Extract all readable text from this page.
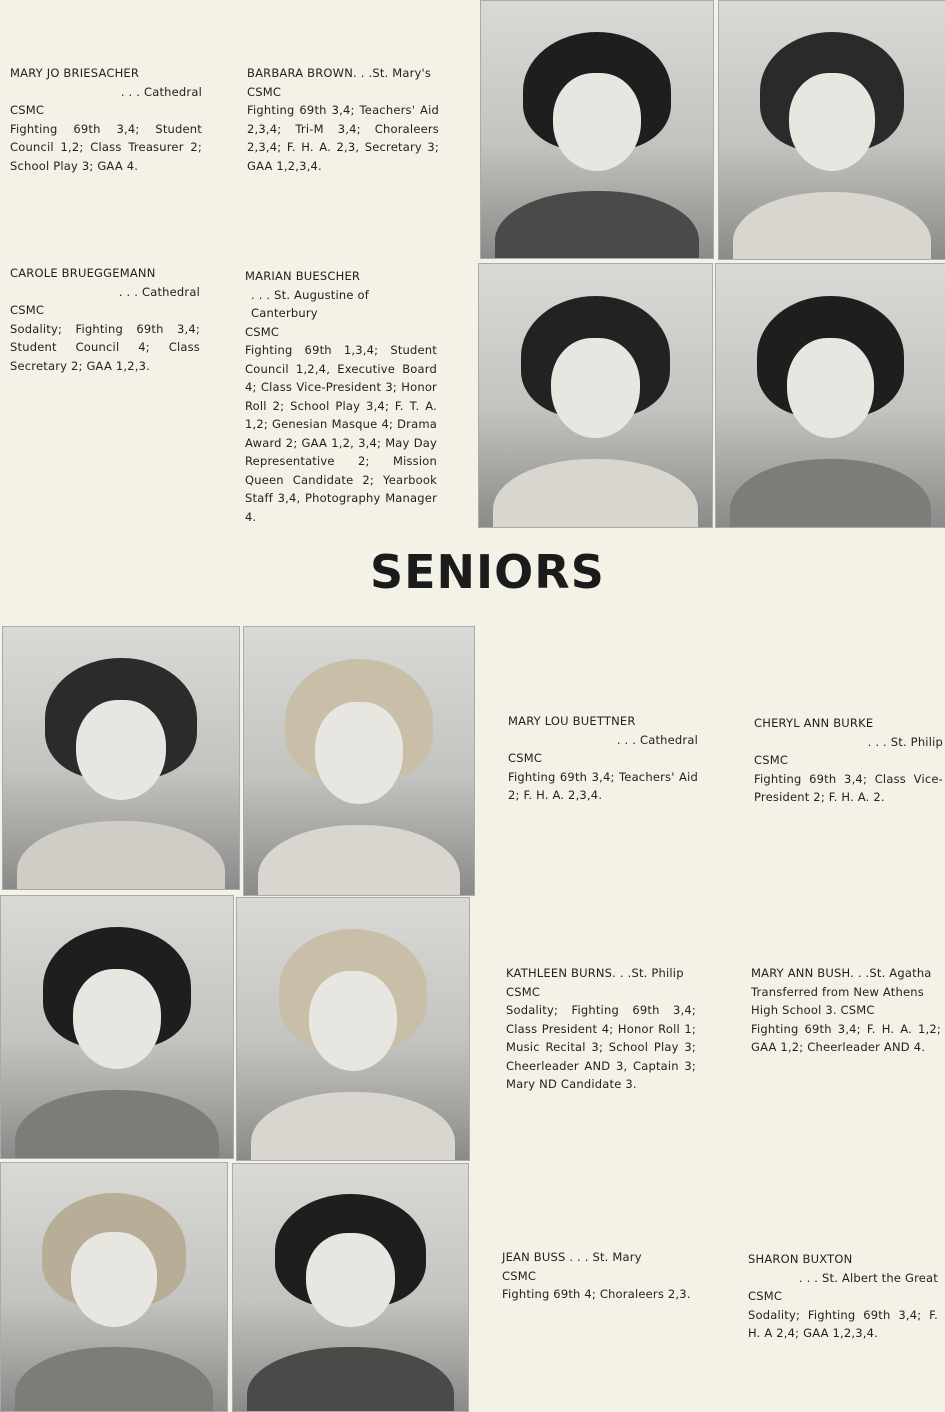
MARY JO BRIESACHER
. . . Cathedral
CSMC
Fighting 69th 3,4; Student Council 1,2; Class Treasurer 2; School Play 3; GAA 4.
BARBARA BROWN. . .St. Mary's
CSMC
Fighting 69th 3,4; Teachers' Aid 2,3,4; Tri-M 3,4; Choraleers 2,3,4; F. H. A. 2,3, Secretary 3; GAA 1,2,3,4.
CAROLE BRUEGGEMANN
. . . Cathedral
CSMC
Sodality; Fighting 69th 3,4; Student Council 4; Class Secretary 2; GAA 1,2,3.
MARIAN BUESCHER
. . . St. Augustine of Canterbury
CSMC
Fighting 69th 1,3,4; Student Council 1,2,4, Executive Board 4; Class Vice-President 3; Honor Roll 2; School Play 3,4; F. T. A. 1,2; Genesian Masque 4; Drama Award 2; GAA 1,2, 3,4; May Day Representative 2; Mission Queen Candidate 2; Yearbook Staff 3,4, Photography Manager 4.
SENIORS
MARY LOU BUETTNER
. . . Cathedral
CSMC
Fighting 69th 3,4; Teachers' Aid 2; F. H. A. 2,3,4.
CHERYL ANN BURKE
. . . St. Philip
CSMC
Fighting 69th 3,4; Class Vice-President 2; F. H. A. 2.
KATHLEEN BURNS. . .St. Philip
CSMC
Sodality; Fighting 69th 3,4; Class President 4; Honor Roll 1; Music Recital 3; School Play 3; Cheerleader AND 3, Captain 3; Mary ND Candidate 3.
MARY ANN BUSH. . .St. Agatha
Transferred from New Athens High School 3. CSMC
Fighting 69th 3,4; F. H. A. 1,2; GAA 1,2; Cheerleader AND 4.
JEAN BUSS . . . St. Mary
CSMC
Fighting 69th 4; Choraleers 2,3.
SHARON BUXTON
. . . St. Albert the Great
CSMC
Sodality; Fighting 69th 3,4; F. H. A 2,4; GAA 1,2,3,4.
